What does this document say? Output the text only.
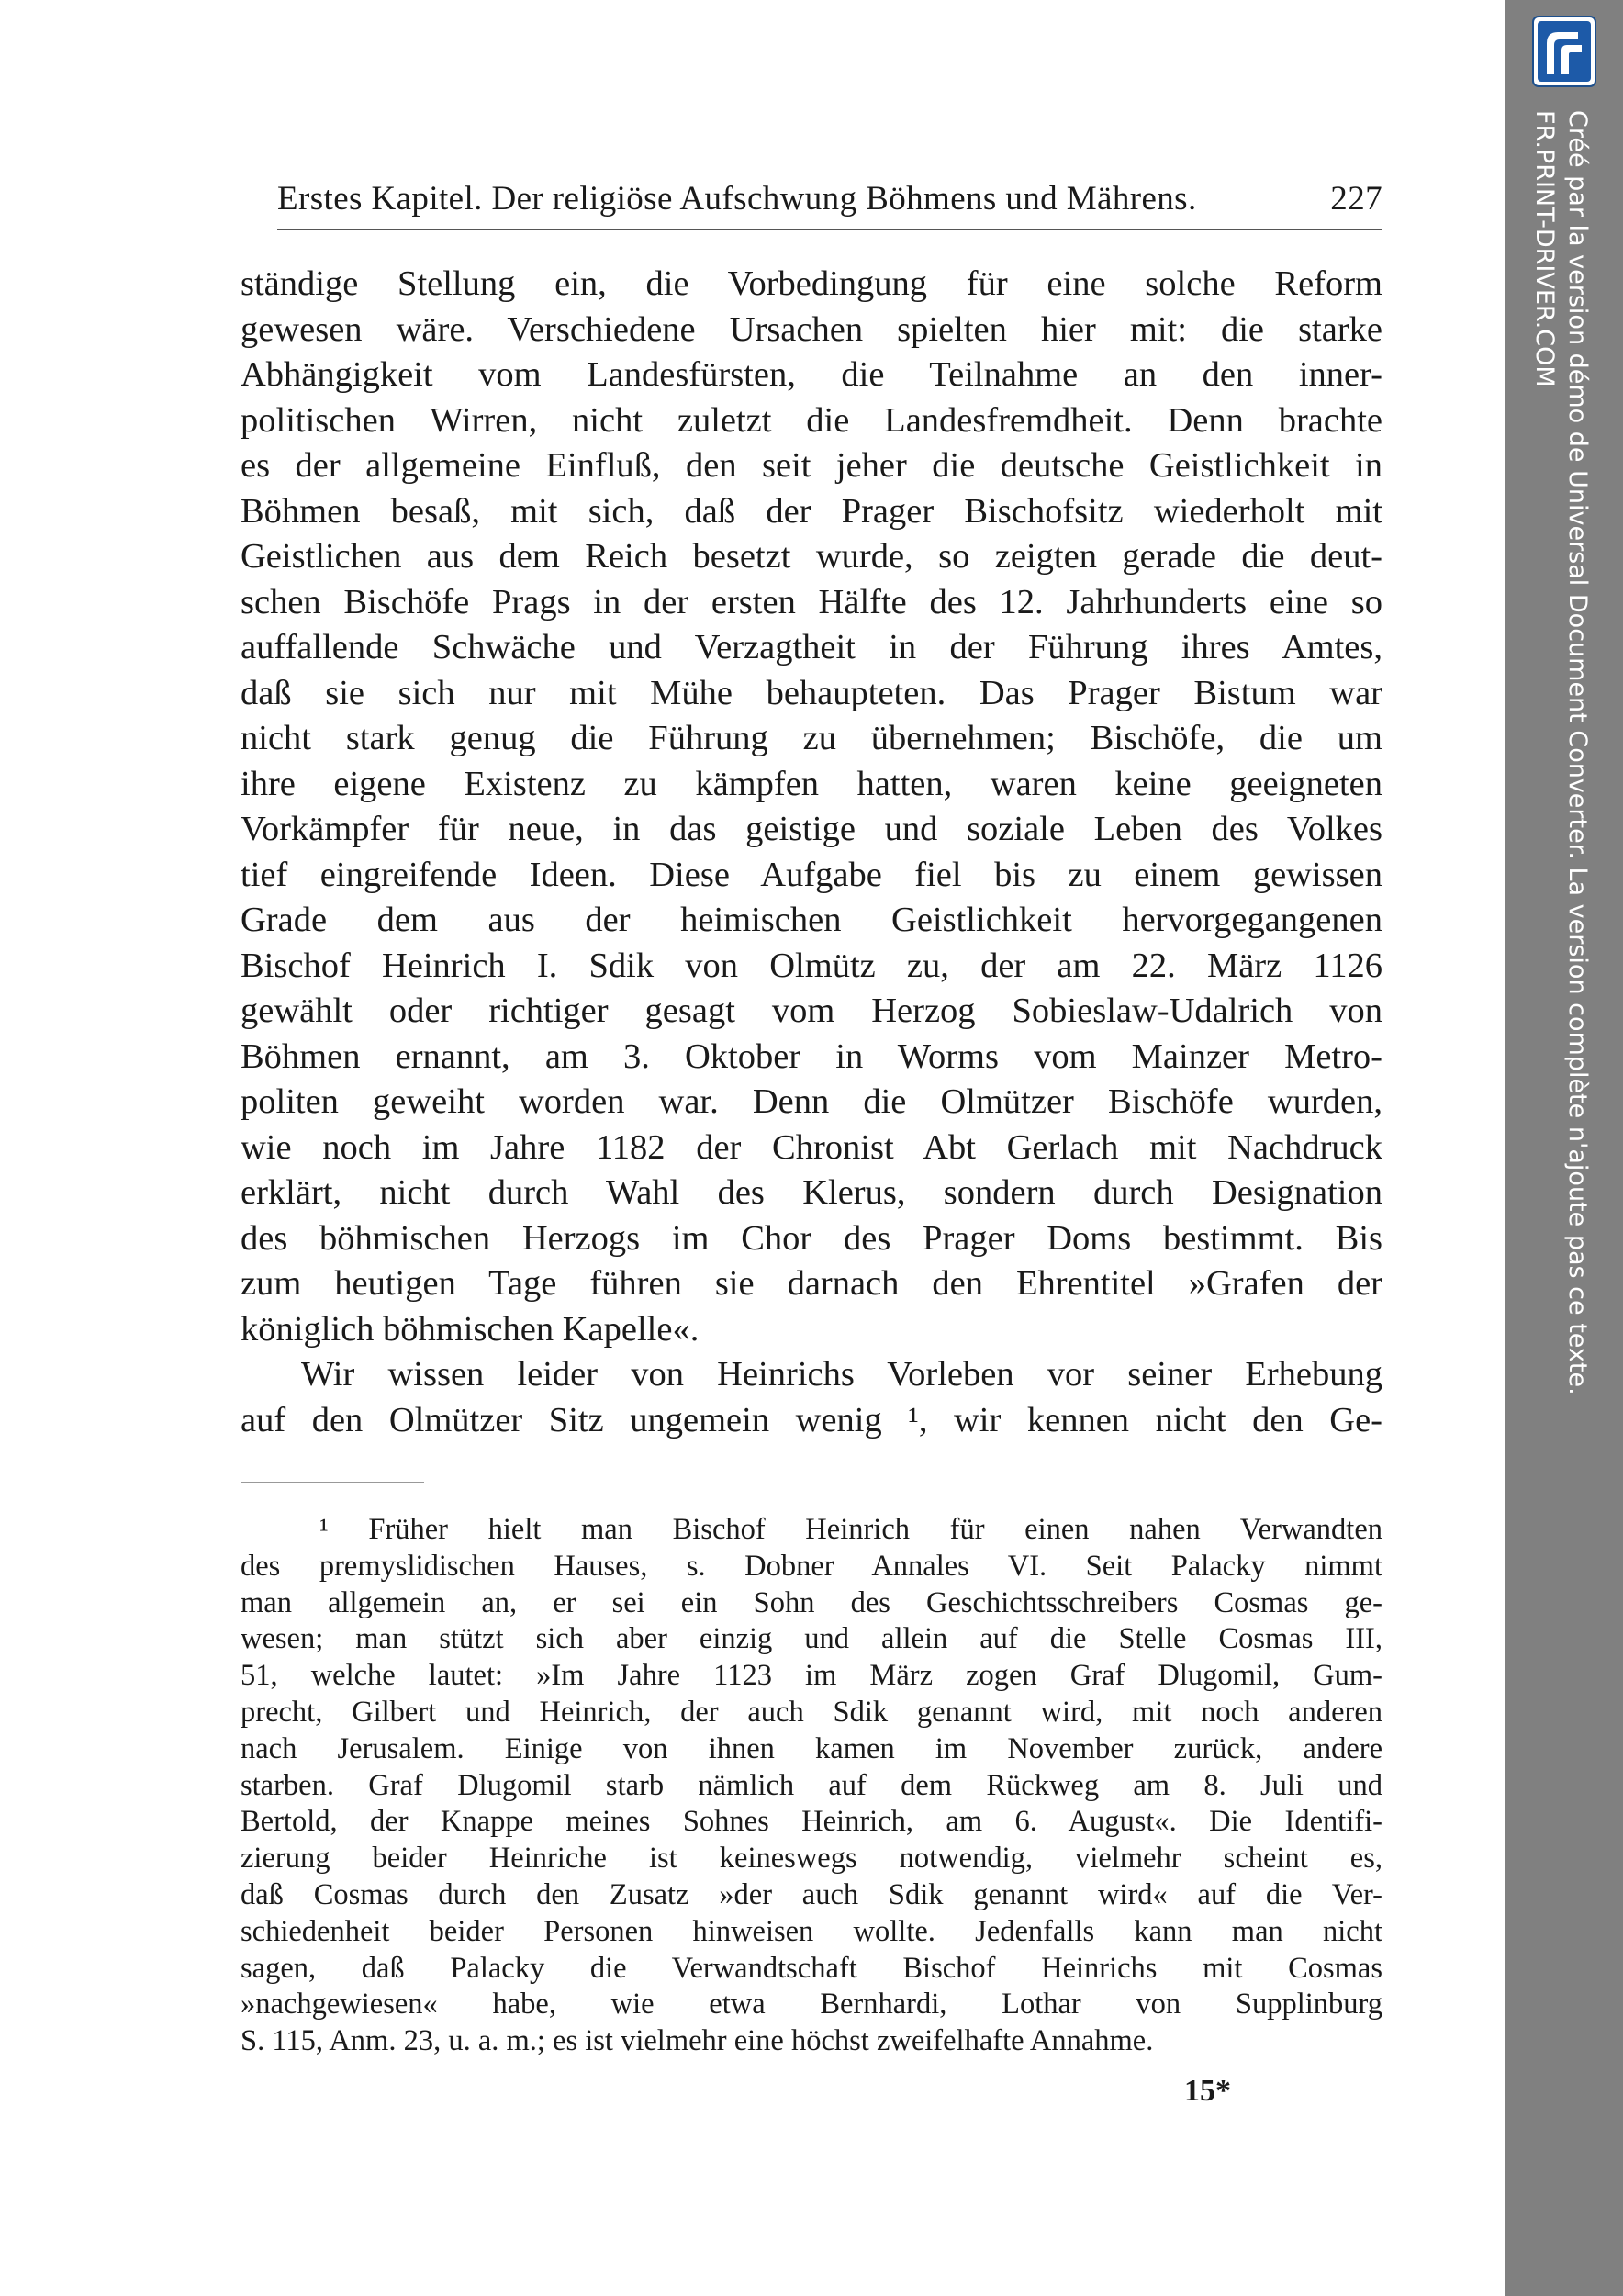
Erstes Kapitel. Der religiöse Aufschwung Böhmens und Mährens.	227
ständige Stellung ein, die Vorbedingung für eine solche Reform
gewesen wäre. Verschiedene Ursachen spielten hier mit: die starke
Abhängigkeit vom Landesfürsten, die Teilnahme an den inner-
politischen Wirren, nicht zuletzt die Landesfremdheit. Denn brachte
es der allgemeine Einfluß, den seit jeher die deutsche Geistlichkeit in
Böhmen besaß, mit sich, daß der Prager Bischofsitz wiederholt mit
Geistlichen aus dem Reich besetzt wurde, so zeigten gerade die deut-
schen Bischöfe Prags in der ersten Hälfte des 12. Jahrhunderts eine so
auffallende Schwäche und Verzagtheit in der Führung ihres Amtes,
daß sie sich nur mit Mühe behaupteten. Das Prager Bistum war
nicht stark genug die Führung zu übernehmen; Bischöfe, die um
ihre eigene Existenz zu kämpfen hatten, waren keine geeigneten
Vorkämpfer für neue, in das geistige und soziale Leben des Volkes
tief eingreifende Ideen. Diese Aufgabe fiel bis zu einem gewissen
Grade dem aus der heimischen Geistlichkeit hervorgegangenen
Bischof Heinrich I. Sdik von Olmütz zu, der am 22. März 1126
gewählt oder richtiger gesagt vom Herzog Sobieslaw-Udalrich von
Böhmen ernannt, am 3. Oktober in Worms vom Mainzer Metro-
politen geweiht worden war. Denn die Olmützer Bischöfe wurden,
wie noch im Jahre 1182 der Chronist Abt Gerlach mit Nachdruck
erklärt, nicht durch Wahl des Klerus, sondern durch Designation
des böhmischen Herzogs im Chor des Prager Doms bestimmt. Bis
zum heutigen Tage führen sie darnach den Ehrentitel »Grafen der
königlich böhmischen Kapelle«.
Wir wissen leider von Heinrichs Vorleben vor seiner Erhebung
auf den Olmützer Sitz ungemein wenig ¹, wir kennen nicht den Ge-
¹ Früher hielt man Bischof Heinrich für einen nahen Verwandten
des premyslidischen Hauses, s. Dobner Annales VI. Seit Palacky nimmt
man allgemein an, er sei ein Sohn des Geschichtsschreibers Cosmas ge-
wesen; man stützt sich aber einzig und allein auf die Stelle Cosmas III,
51, welche lautet: »Im Jahre 1123 im März zogen Graf Dlugomil, Gum-
precht, Gilbert und Heinrich, der auch Sdik genannt wird, mit noch anderen
nach Jerusalem. Einige von ihnen kamen im November zurück, andere
starben. Graf Dlugomil starb nämlich auf dem Rückweg am 8. Juli und
Bertold, der Knappe meines Sohnes Heinrich, am 6. August«. Die Identifi-
zierung beider Heinriche ist keineswegs notwendig, vielmehr scheint es,
daß Cosmas durch den Zusatz »der auch Sdik genannt wird« auf die Ver-
schiedenheit beider Personen hinweisen wollte. Jedenfalls kann man nicht
sagen, daß Palacky die Verwandtschaft Bischof Heinrichs mit Cosmas
»nachgewiesen« habe, wie etwa Bernhardi, Lothar von Supplinburg
S. 115, Anm. 23, u. a. m.; es ist vielmehr eine höchst zweifelhafte Annahme.
15*
Créé par la version démo de Universal Document Converter. La version complète n'ajoute pas ce texte.
FR.PRINT-DRIVER.COM
